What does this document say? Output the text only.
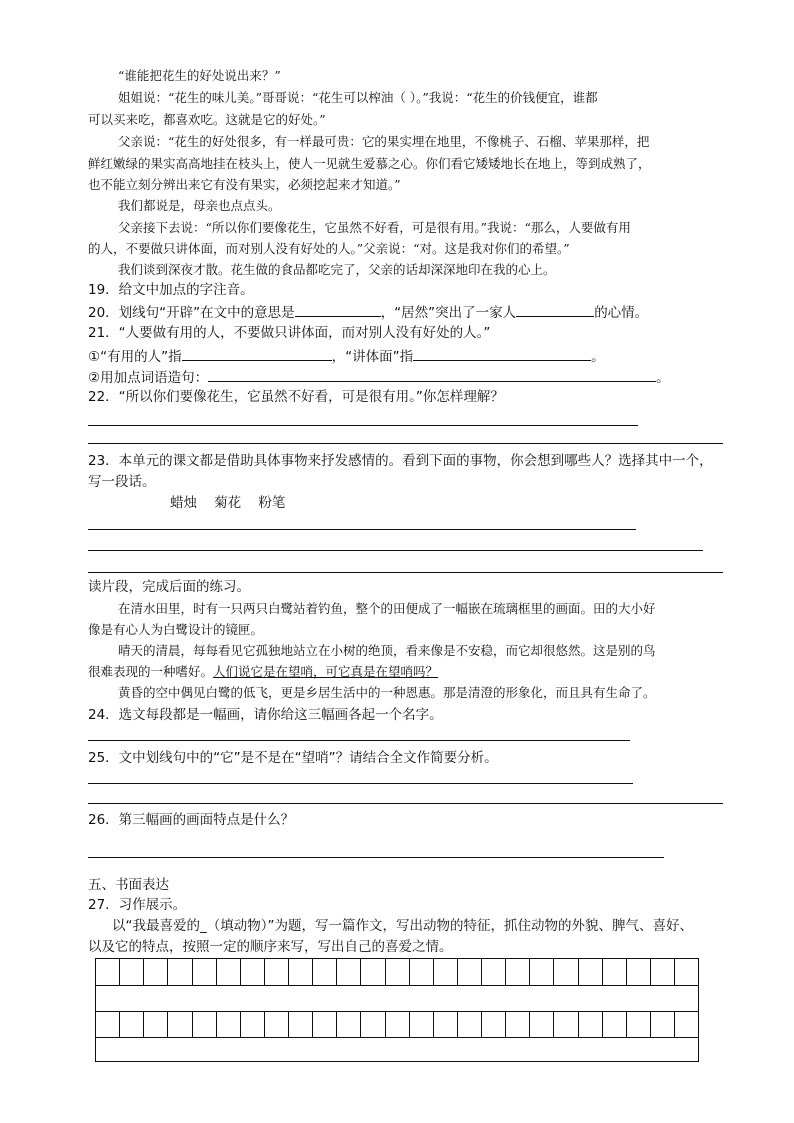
“谁能把花生的好处说出来？”
姐姐说：“花生的味儿美。”哥哥说：“花生可以榨油（ ）。”我说：“花生的价钱便宜，谁都
可以买来吃，都喜欢吃。这就是它的好处。”
父亲说：“花生的好处很多，有一样最可贵：它的果实埋在地里，不像桃子、石榴、苹果那样，把
鲜红嫩绿的果实高高地挂在枝头上，使人一见就生爱慕之心。你们看它矮矮地长在地上，等到成熟了，
也不能立刻分辨出来它有没有果实，必须挖起来才知道。”
我们都说是，母亲也点点头。
父亲接下去说：“所以你们要像花生，它虽然不好看，可是很有用。”我说：“那么，人要做有用
的人，不要做只讲体面，而对别人没有好处的人。”父亲说：“对。这是我对你们的希望。”
我们谈到深夜才散。花生做的食品都吃完了，父亲的话却深深地印在我的心上。
19．给文中加点的字注音。
20．划线句“开辟”在文中的意思是	，“居然”突出了一家人	的心情。
21．“人要做有用的人，不要做只讲体面，而对别人没有好处的人。”
①“有用的人”指	，“讲体面”指	。
②用加点词语造句：	。
22．“所以你们要像花生，它虽然不好看，可是很有用。”你怎样理解？
23．本单元的课文都是借助具体事物来抒发感情的。看到下面的事物，你会想到哪些人？选择其中一个，
写一段话。
蜡烛    菊花    粉笔
读片段，完成后面的练习。
在清水田里，时有一只两只白鹭站着钓鱼，整个的田便成了一幅嵌在琉璃框里的画面。田的大小好
像是有心人为白鹭设计的镜匣。
晴天的清晨，每每看见它孤独地站立在小树的绝顶，看来像是不安稳，而它却很悠然。这是别的鸟
很难表现的一种嗜好。人们说它是在望哨，可它真是在望哨吗？
黄昏的空中偶见白鹭的低飞，更是乡居生活中的一种恩惠。那是清澄的形象化，而且具有生命了。
24．选文每段都是一幅画，请你给这三幅画各起一个名字。
25．文中划线句中的“它”是不是在“望哨”？请结合全文作简要分析。
26．第三幅画的画面特点是什么？
五、书面表达
27．习作展示。
以“我最喜爱的_（填动物）”为题，写一篇作文，写出动物的特征，抓住动物的外貌、脾气、喜好、
以及它的特点，按照一定的顺序来写，写出自己的喜爱之情。
